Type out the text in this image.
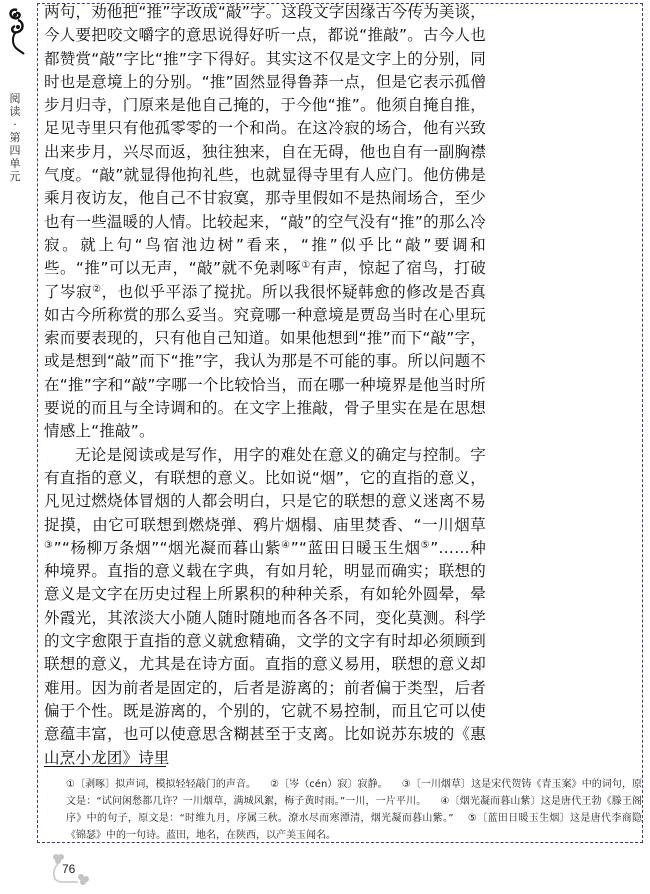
阅读·第四单元

两句，劝他把“推”字改成“敲”字。这段文字因缘古今传为美谈，今人要把咬文嚼字的意思说得好听一点，都说“推敲”。古今人也都赞赏“敲”字比“推”字下得好。其实这不仅是文字上的分别，同时也是意境上的分别。“推”固然显得鲁莽一点，但是它表示孤僧步月归寺，门原来是他自己掩的，于今他“推”。他须自掩自推，足见寺里只有他孤零零的一个和尚。在这冷寂的场合，他有兴致出来步月，兴尽而返，独往独来，自在无碍，他也自有一副胸襟气度。“敲”就显得他拘礼些，也就显得寺里有人应门。他仿佛是乘月夜访友，他自己不甘寂寞，那寺里假如不是热闹场合，至少也有一些温暖的人情。比较起来，“敲”的空气没有“推”的那么冷寂。就上句“鸟宿池边树”看来，“推”似乎比“敲”要调和些。“推”可以无声，“敲”就不免剥啄①有声，惊起了宿鸟，打破了岑寂②，也似乎平添了搅扰。所以我很怀疑韩愈的修改是否真如古今所称赏的那么妥当。究竟哪一种意境是贾岛当时在心里玩索而要表现的，只有他自己知道。如果他想到“推”而下“敲”字，或是想到“敲”而下“推”字，我认为那是不可能的事。所以问题不在“推”字和“敲”字哪一个比较恰当，而在哪一种境界是他当时所要说的而且与全诗调和的。在文字上推敲，骨子里实在是在思想情感上“推敲”。

无论是阅读或是写作，用字的难处在意义的确定与控制。字有直指的意义，有联想的意义。比如说“烟”，它的直指的意义，凡见过燃烧体冒烟的人都会明白，只是它的联想的意义迷离不易捉摸，由它可联想到燃烧弹、鸦片烟榻、庙里焚香、“一川烟草③”“杨柳万条烟”“烟光凝而暮山紫④”“蓝田日暖玉生烟⑤”……种种境界。直指的意义载在字典，有如月轮，明显而确实；联想的意义是文字在历史过程上所累积的种种关系，有如轮外圆晕，晕外霞光，其浓淡大小随人随时随地而各各不同，变化莫测。科学的文字愈限于直指的意义就愈精确，文学的文字有时却必须顾到联想的意义，尤其是在诗方面。直指的意义易用，联想的意义却难用。因为前者是固定的，后者是游离的；前者偏于类型，后者偏于个性。既是游离的，个别的，它就不易控制，而且它可以使意蕴丰富，也可以使意思含糊甚至于支离。比如说苏东坡的《惠山烹小龙团》诗里

①〔剥啄〕拟声词，模拟轻轻敲门的声音。 ②〔岑（cén）寂〕寂静。 ③〔一川烟草〕这是宋代贺铸《青玉案》中的词句，原文是：“试问闲愁都几许？一川烟草，满城风絮，梅子黄时雨。”一川，一片平川。 ④〔烟光凝而暮山紫〕这是唐代王勃《滕王阁序》中的句子，原文是：“时维九月，序属三秋。潦水尽而寒潭清，烟光凝而暮山紫。” ⑤〔蓝田日暖玉生烟〕这是唐代李商隐《锦瑟》中的一句诗。蓝田，地名，在陕西，以产美玉闻名。
76
